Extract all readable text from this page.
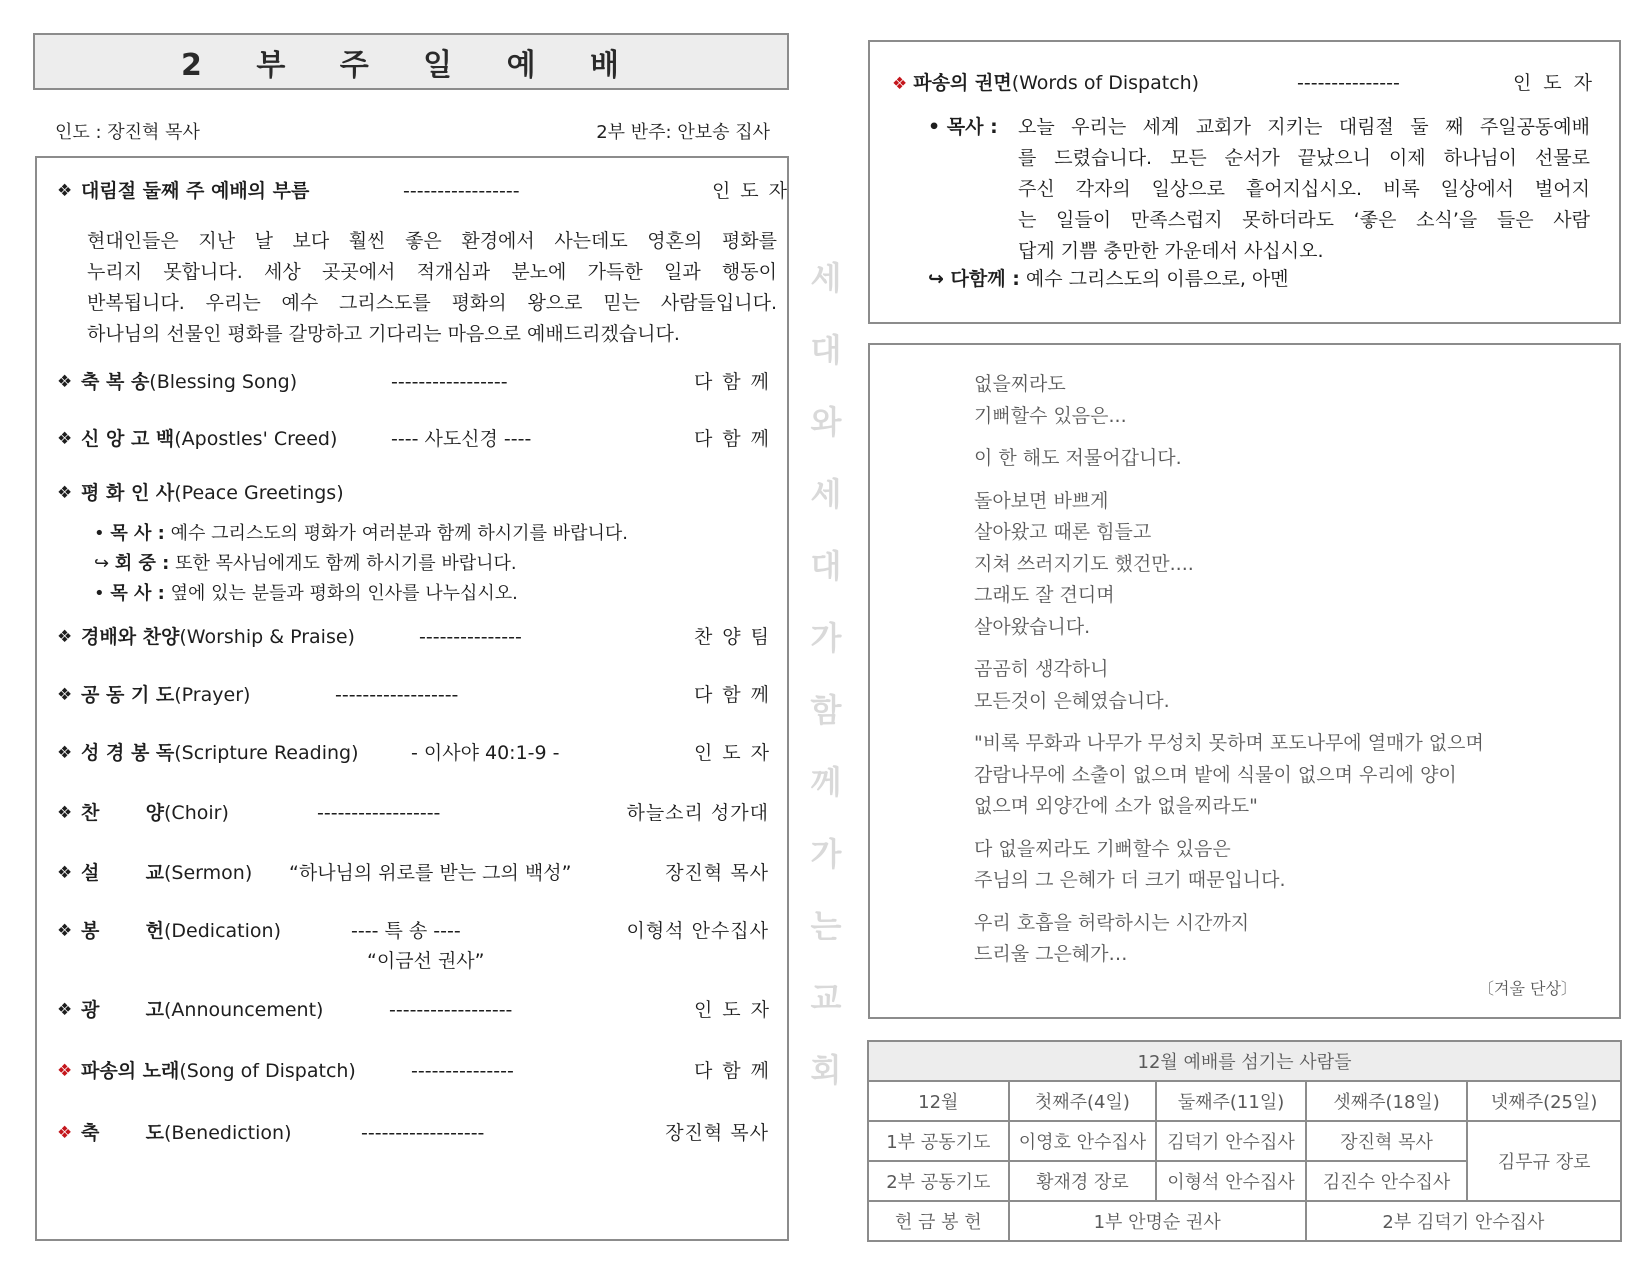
2 부 주 일 예 배
인도 : 장진혁 목사	2부 반주: 안보송 집사
❖ 대림절 둘째 주 예배의 부름	-----------------	인도자

현대인들은 지난 날 보다 훨씬 좋은 환경에서 사는데도 영혼의 평화를

누리지 못합니다. 세상 곳곳에서 적개심과 분노에 가득한 일과 행동이

반복됩니다. 우리는 예수 그리스도를 평화의 왕으로 믿는 사람들입니다.

하나님의 선물인 평화를 갈망하고 기다리는 마음으로 예배드리겠습니다.

❖ 축 복 송(Blessing Song)	-----------------	다함께
❖ 신 앙 고 백(Apostles' Creed)	---- 사도신경 ----	다함께
❖ 평 화 인 사(Peace Greetings)
• 목 사 : 예수 그리스도의 평화가 여러분과 함께 하시기를 바랍니다.
↪ 회 중 : 또한 목사님에게도 함께 하시기를 바랍니다.
• 목 사 : 옆에 있는 분들과 평화의 인사를 나누십시오.
❖ 경배와 찬양(Worship & Praise)	---------------	찬양팀
❖ 공 동 기 도(Prayer)	------------------	다함께
❖ 성 경 봉 독(Scripture Reading)	- 이사야 40:1-9 -	인도자
❖ 찬       양(Choir)	------------------	하늘소리 성가대
❖ 설       교(Sermon) “하나님의 위로를 받는 그의 백성”	장진혁 목사
❖ 봉       헌(Dedication)	---- 특 송 ----	이형석 안수집사
“이금선 권사”
❖ 광       고(Announcement)	------------------	인도자
❖ 파송의 노래(Song of Dispatch)	---------------	다함께
❖ 축       도(Benediction)	------------------	장진혁 목사
세
대
와
세
대
가
함
께
가
는
교
회
❖ 파송의 권면(Words of Dispatch)	---------------	인도자
• 목사 : 오늘 우리는 세계 교회가 지키는 대림절 둘 째 주일공동예배
를 드렸습니다. 모든 순서가 끝났으니 이제 하나님이 선물로
주신 각자의 일상으로 흩어지십시오. 비록 일상에서 벌어지
는 일들이 만족스럽지 못하더라도 ‘좋은 소식’을 들은 사람
답게 기쁨 충만한 가운데서 사십시오.
↪ 다함께 : 예수 그리스도의 이름으로, 아멘
없을찌라도
기뻐할수 있음은...
이 한 해도 저물어갑니다.
돌아보면 바쁘게
살아왔고 때론 힘들고
지쳐 쓰러지기도 했건만....
그래도 잘 견디며
살아왔습니다.
곰곰히 생각하니
모든것이 은혜였습니다.
"비록 무화과 나무가 무성치 못하며 포도나무에 열매가 없으며
감람나무에 소출이 없으며 밭에 식물이 없으며 우리에 양이
없으며 외양간에 소가 없을찌라도"
다 없을찌라도 기뻐할수 있음은
주님의 그 은혜가 더 크기 때문입니다.
우리 호흡을 허락하시는 시간까지
드리울 그은혜가…
〔겨울 단상〕
12월 예배를 섬기는 사람들				
12월	첫째주(4일)	둘째주(11일)	셋째주(18일)	넷째주(25일)
1부 공동기도	이영호 안수집사	김덕기 안수집사	장진혁 목사	김무규 장로
2부 공동기도	황재경 장로	이형석 안수집사	김진수 안수집사	
헌 금 봉 헌	1부 안명순 권사		2부 김덕기 안수집사	
